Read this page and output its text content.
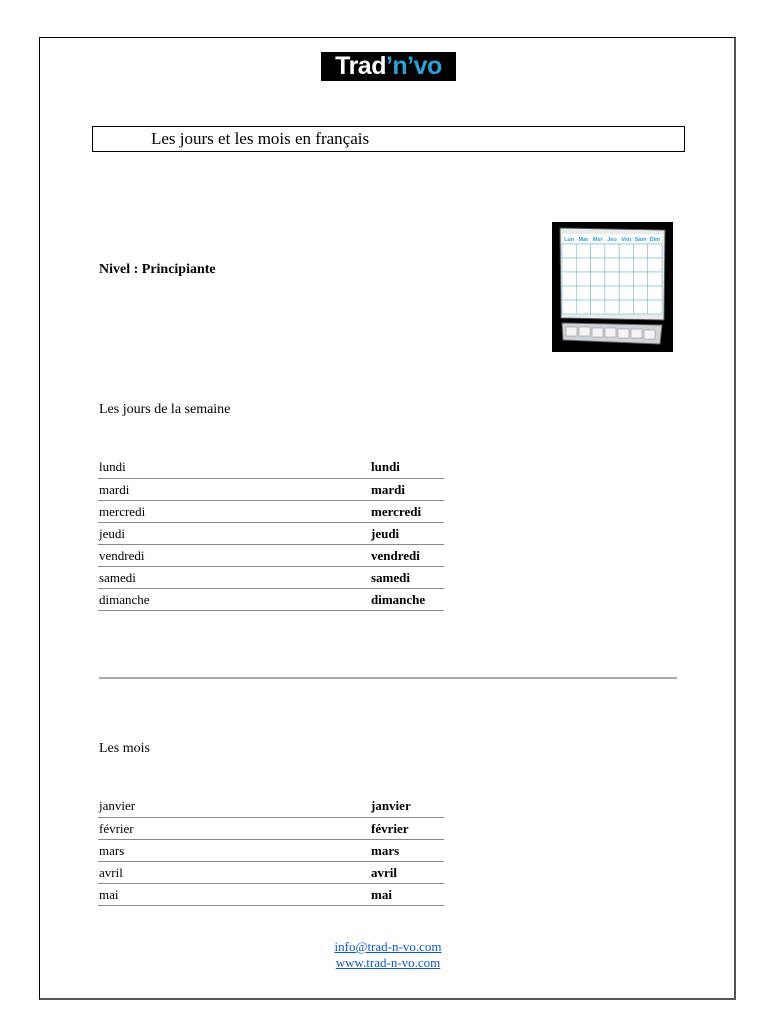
Trad’n’vo
Les jours et les mois en français
Nivel : Principiante
Lun Mar Mer Jeu Ven Sam Dim
Les jours de la semaine
lundi	lundi
mardi	mardi
mercredi	mercredi
jeudi	jeudi
vendredi	vendredi
samedi	samedi
dimanche	dimanche
Les mois
janvier	janvier
février	février
mars	mars
avril	avril
mai	mai
info@trad-n-vo.com
www.trad-n-vo.com
